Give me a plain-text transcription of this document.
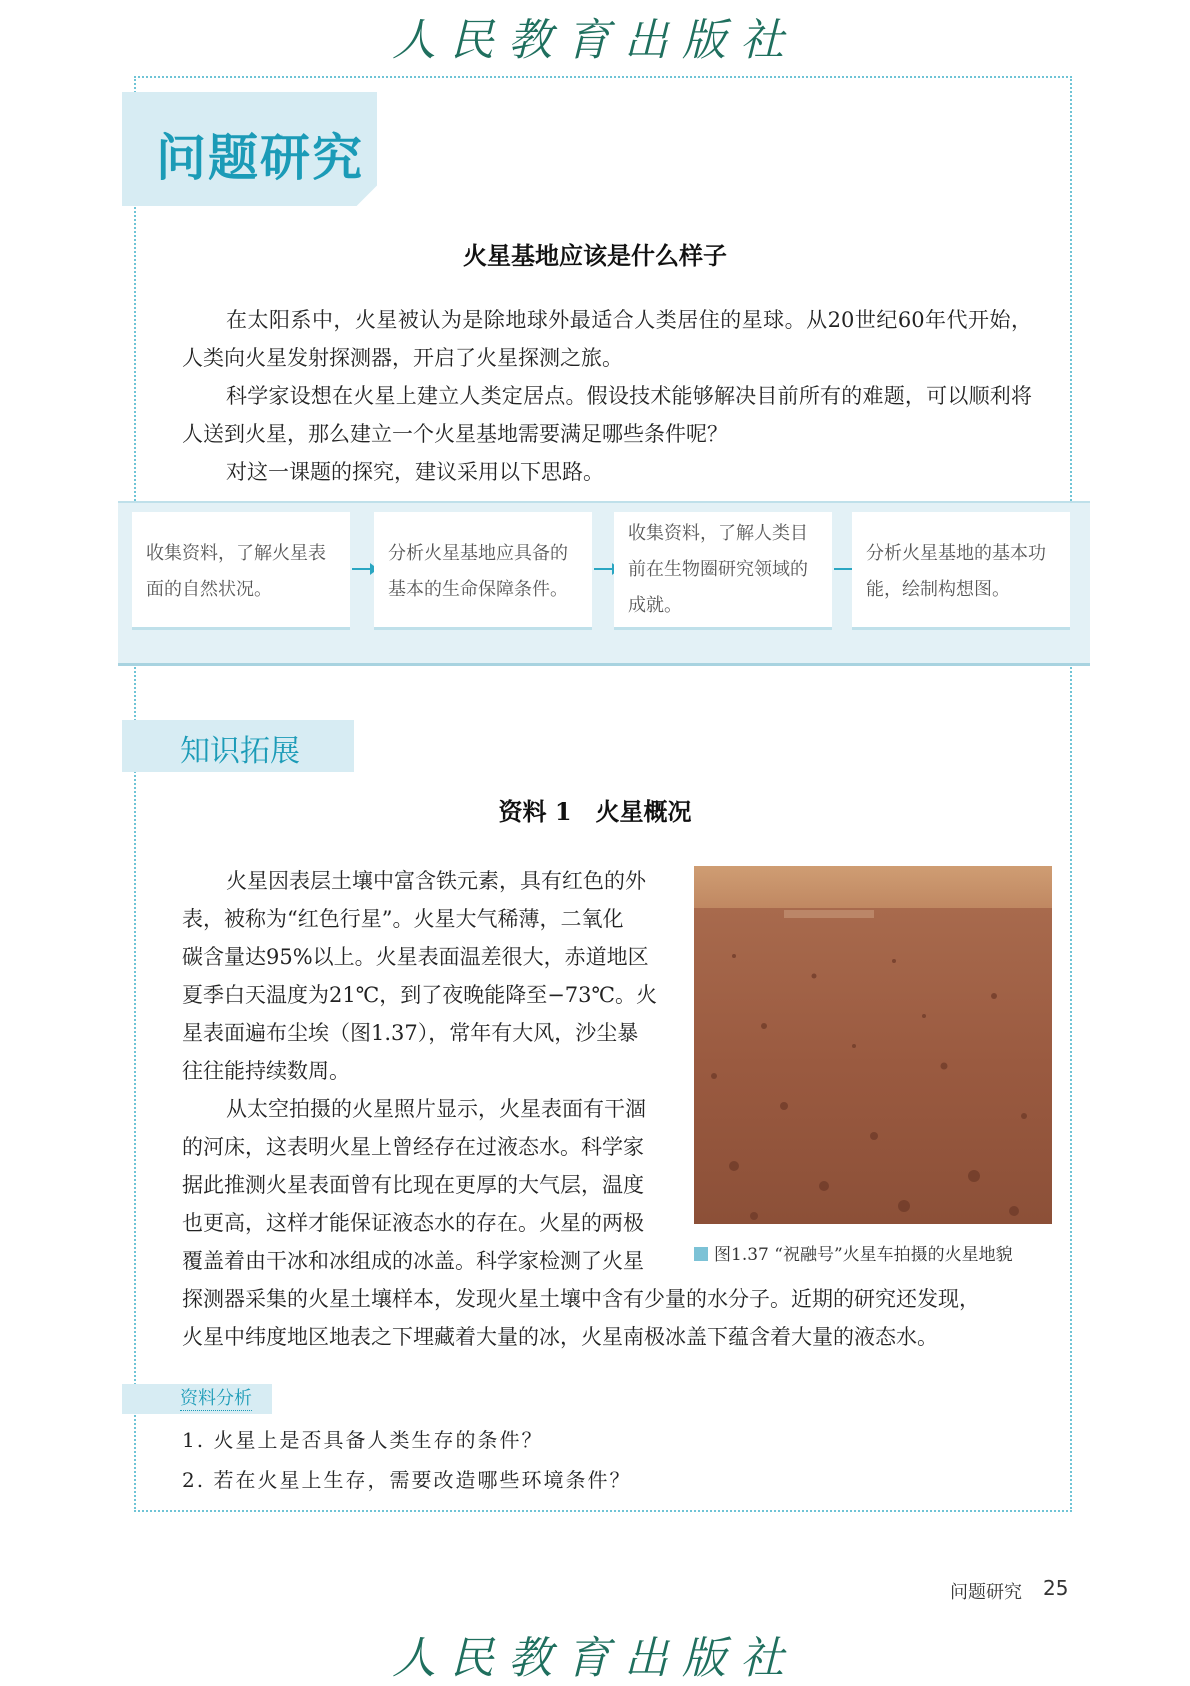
人民教育出版社
问题研究
火星基地应该是什么样子

在太阳系中，火星被认为是除地球外最适合人类居住的星球。从20世纪60年代开始，人类向火星发射探测器，开启了火星探测之旅。

科学家设想在火星上建立人类定居点。假设技术能够解决目前所有的难题，可以顺利将人送到火星，那么建立一个火星基地需要满足哪些条件呢？

对这一课题的探究，建议采用以下思路。

收集资料，了解火星表面的自然状况。
分析火星基地应具备的基本的生命保障条件。
收集资料，了解人类目前在生物圈研究领域的成就。
分析火星基地的基本功能，绘制构想图。
知识拓展
资料 1　火星概况
火星因表层土壤中富含铁元素，具有红色的外
表，被称为“红色行星”。火星大气稀薄，二氧化
碳含量达95%以上。火星表面温差很大，赤道地区
夏季白天温度为21℃，到了夜晚能降至−73℃。火
星表面遍布尘埃（图1.37），常年有大风，沙尘暴
往往能持续数周。
从太空拍摄的火星照片显示，火星表面有干涸
的河床，这表明火星上曾经存在过液态水。科学家
据此推测火星表面曾有比现在更厚的大气层，温度
也更高，这样才能保证液态水的存在。火星的两极
覆盖着由干冰和冰组成的冰盖。科学家检测了火星
探测器采集的火星土壤样本，发现火星土壤中含有少量的水分子。近期的研究还发现，
火星中纬度地区地表之下埋藏着大量的冰，火星南极冰盖下蕴含着大量的液态水。
图1.37 “祝融号”火星车拍摄的火星地貌
资料分析
1. 火星上是否具备人类生存的条件？
2. 若在火星上生存，需要改造哪些环境条件？
问题研究 25
人民教育出版社
